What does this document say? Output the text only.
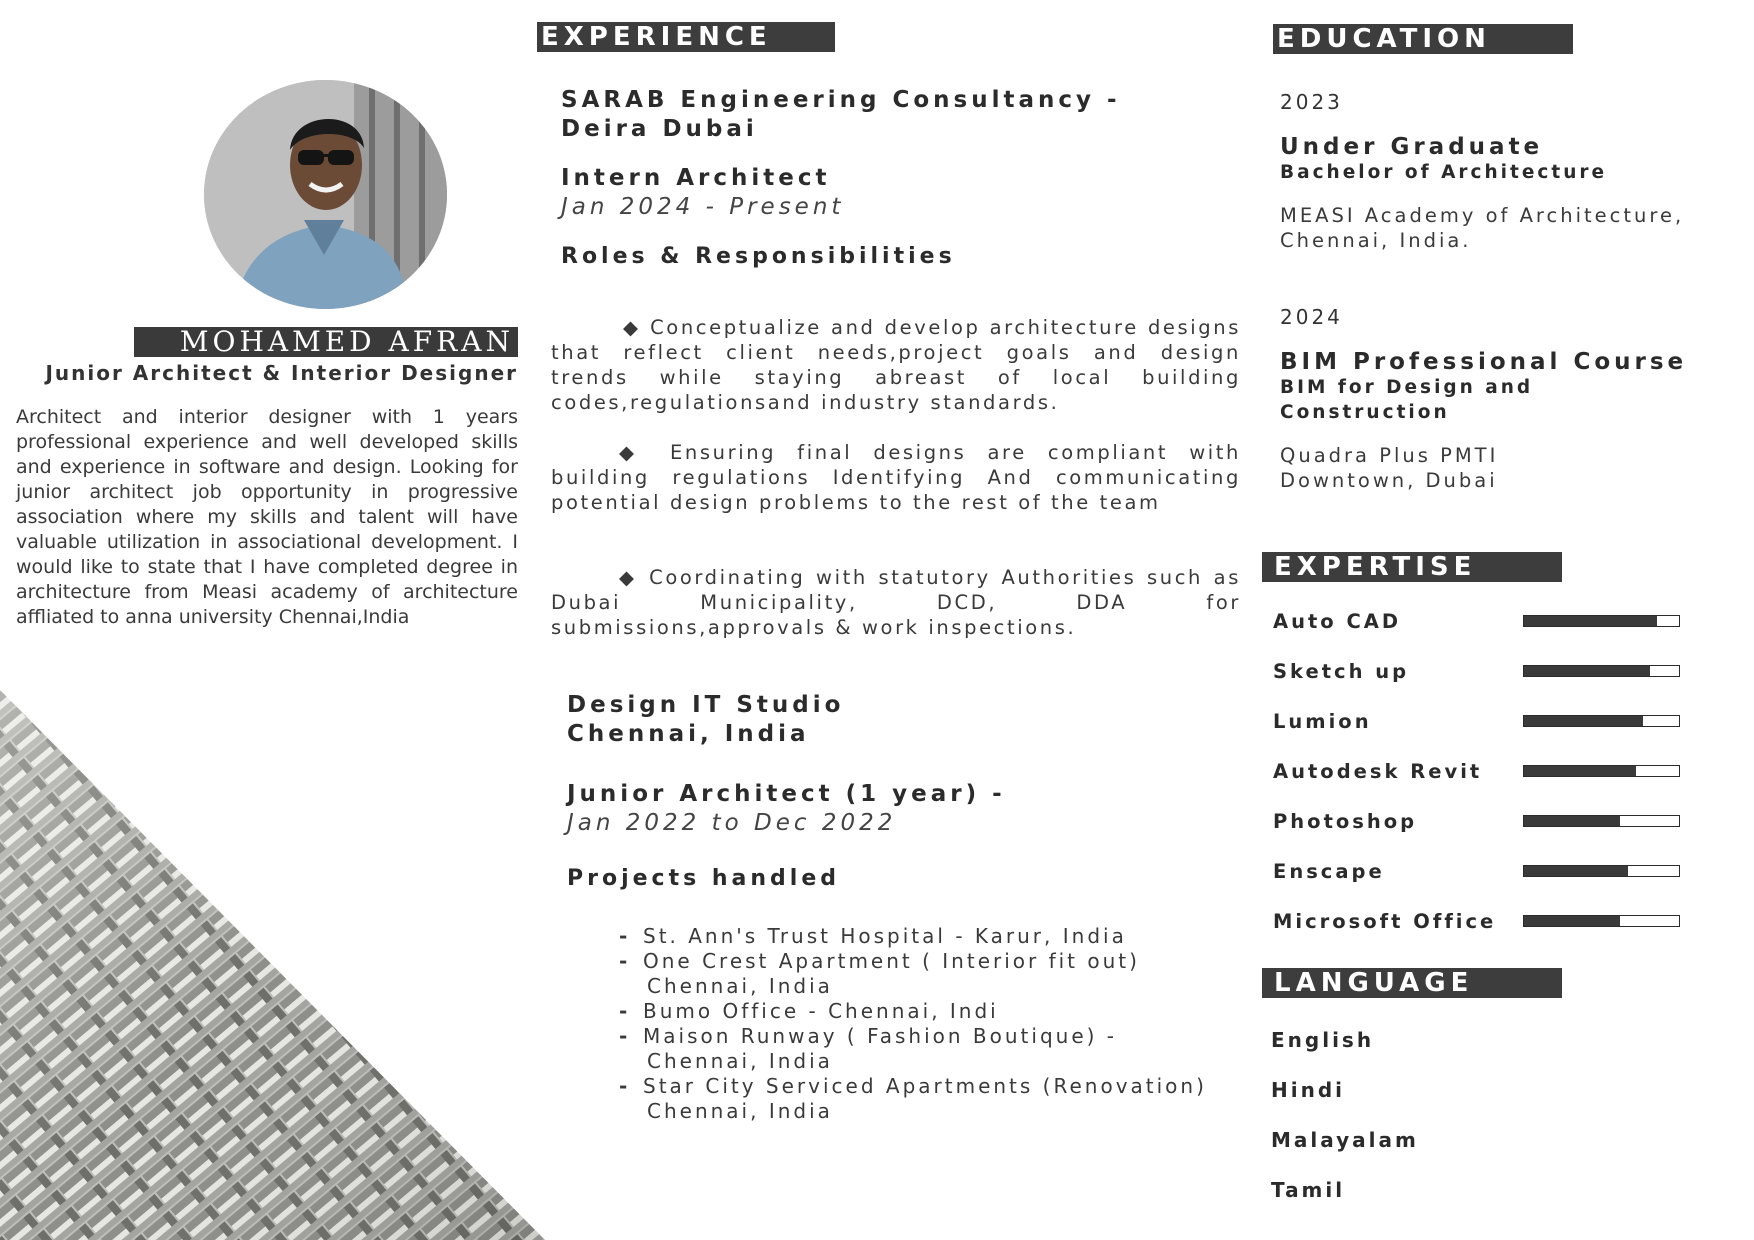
MOHAMED AFRAN
Junior Architect & Interior Designer
Architect and interior designer with 1 years professional experience and well developed skills and experience in software and design. Looking for junior architect job opportunity in progressive association where my skills and talent will have valuable utilization in associational development. I would like to state that I have completed degree in architecture from Measi academy of architecture affliated to anna university Chennai,India
EXPERIENCE
SARAB Engineering Consultancy -
Deira Dubai
Intern Architect
Jan 2024 - Present
Roles & Responsibilities
◆ Conceptualize and develop architecture designs that reflect client needs,project goals and design trends while staying abreast of local building codes,regulationsand industry standards.
◆ Ensuring final designs are compliant with building regulations Identifying And communicating potential design problems to the rest of the team
◆ Coordinating with statutory Authorities such as Dubai Municipality, DCD, DDA for submissions,approvals & work inspections.
Design IT Studio
Chennai, India
Junior Architect (1 year) -
Jan 2022 to Dec 2022
Projects handled
- St. Ann's Trust Hospital - Karur, India
- One Crest Apartment ( Interior fit out)
Chennai, India
- Bumo Office - Chennai, Indi
- Maison Runway ( Fashion Boutique) -
Chennai, India
- Star City Serviced Apartments (Renovation)
Chennai, India
EDUCATION
2023
Under Graduate
Bachelor of Architecture
MEASI Academy of Architecture, Chennai, India.
2024
BIM Professional Course
BIM for Design and Construction
Quadra Plus PMTI Downtown, Dubai
EXPERTISE
Auto CAD
Sketch up
Lumion
Autodesk Revit
Photoshop
Enscape
Microsoft Office
LANGUAGE
English
Hindi
Malayalam
Tamil
